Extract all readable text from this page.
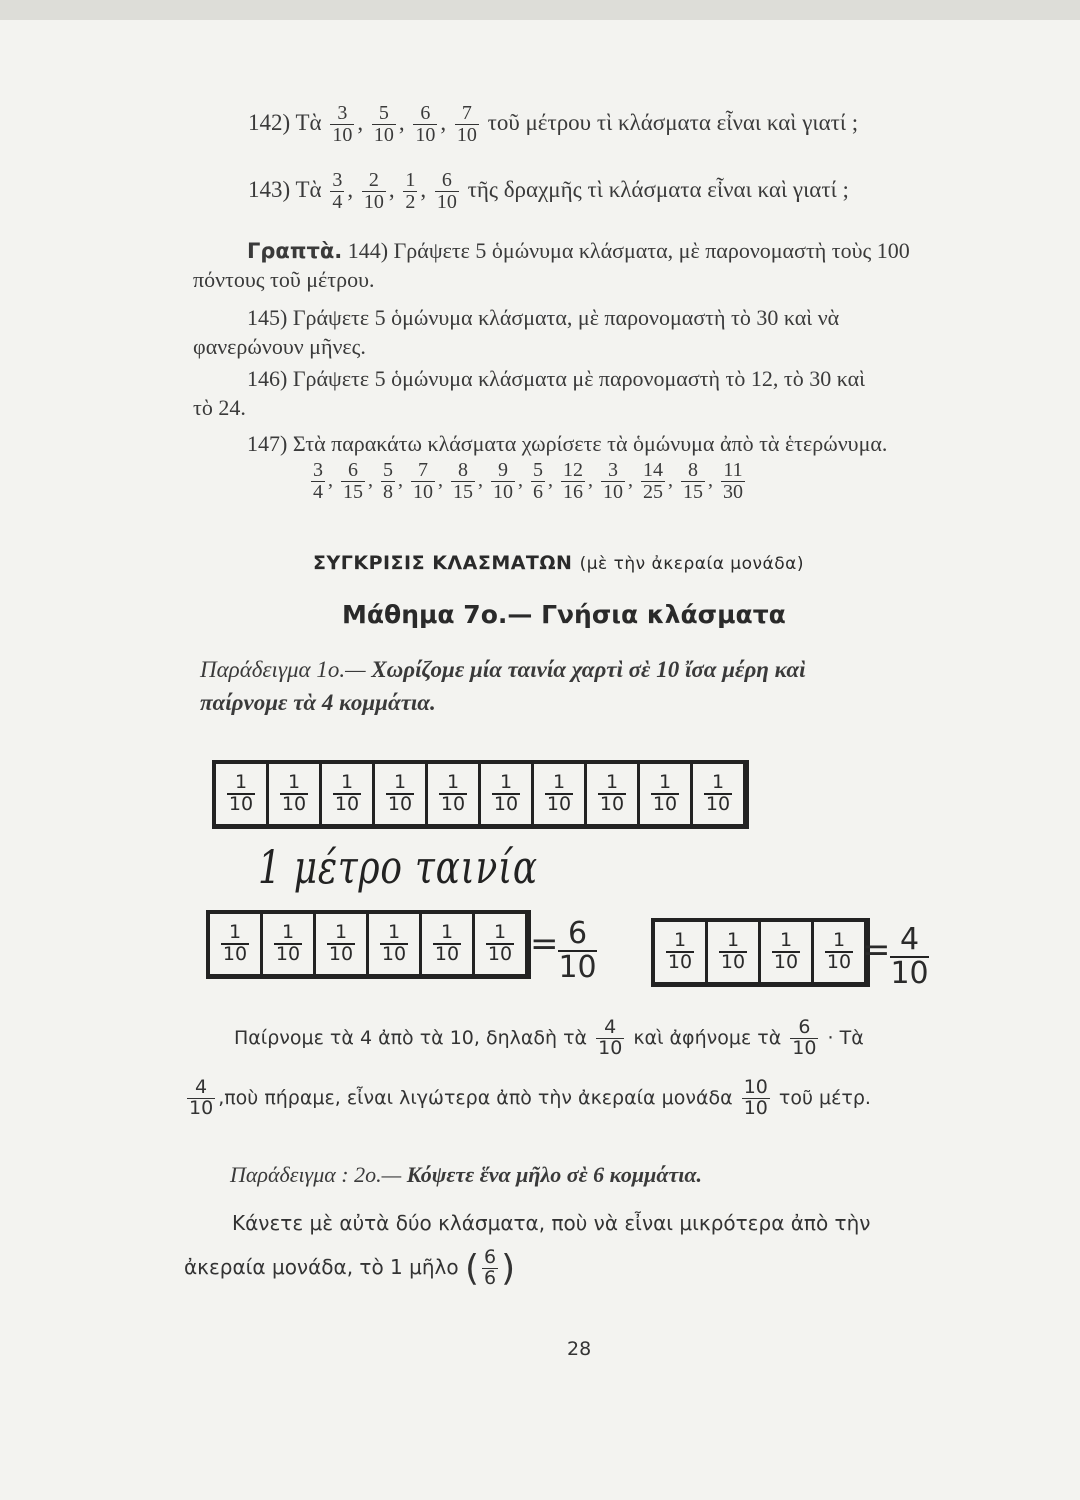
142) Τὰ $\frac{3}{10}$ , $\frac{5}{10}$ , $\frac{6}{10}$ , $\frac{7}{10}$ τοῦ μέτρου τὶ κλάσματα εἶναι καὶ γιατί ;
143) Τὰ $\frac{3}{4}$ , $\frac{2}{10}$ , $\frac{1}{2}$ , $\frac{6}{10}$ τῆς δραχμῆς τὶ κλάσματα εἶναι καὶ γιατί ;
Γραπτὰ. 144) Γράψετε 5 ὁμώνυμα κλάσματα, μὲ παρονομαστὴ τοὺς 100
πόντους τοῦ μέτρου.
145) Γράψετε 5 ὁμώνυμα κλάσματα, μὲ παρονομαστὴ τὸ 30 καὶ νὰ
φανερώνουν μῆνες.
146) Γράψετε 5 ὁμώνυμα κλάσματα μὲ παρονομαστὴ τὸ 12, τὸ 30 καὶ
τὸ 24.
147) Στὰ παρακάτω κλάσματα χωρίσετε τὰ ὁμώνυμα ἀπὸ τὰ ἑτερώνυμα.
$\frac{3}{4}$ , $\frac{6}{15}$ , $\frac{5}{8}$ , $\frac{7}{10}$ , $\frac{8}{15}$ , $\frac{9}{10}$ , $\frac{5}{6}$ , $\frac{12}{16}$ , $\frac{3}{10}$ , $\frac{14}{25}$ , $\frac{8}{15}$ , $\frac{11}{30}$
ΣΥΓΚΡΙΣΙΣ ΚΛΑΣΜΑΤΩΝ (μὲ τὴν ἀκεραία μονάδα)
Μάθημα 7ο.— Γνήσια κλάσματα
Παράδειγμα 1ο.— Χωρίζομε μία ταινία χαρτὶ σὲ 10 ἴσα μέρη καὶ
παίρνομε τὰ 4 κομμάτια.
$\frac{1}{10} \frac{1}{10} \frac{1}{10} \frac{1}{10} \frac{1}{10} \frac{1}{10} \frac{1}{10} \frac{1}{10} \frac{1}{10} \frac{1}{10}$
1 μέτρο ταινία
$\frac{1}{10} \frac{1}{10} \frac{1}{10} \frac{1}{10} \frac{1}{10} \frac{1}{10} = \frac{6}{10}$	$\frac{1}{10} \frac{1}{10} \frac{1}{10} \frac{1}{10}$
= $\frac{4}{10}$
Παίρνομε τὰ 4 ἀπὸ τὰ 10, δηλαδὴ τὰ $\frac{4}{10}$ καὶ ἀφήνομε τὰ $\frac{6}{10}$ · Τὰ
$\frac{4}{10}$ ,ποὺ πήραμε, εἶναι λιγώτερα ἀπὸ τὴν ἀκεραία μονάδα $\frac{10}{10}$ τοῦ μέτρ.
Παράδειγμα : 2ο.— Κόψετε ἕνα μῆλο σὲ 6 κομμάτια.
Κάνετε μὲ αὐτὰ δύο κλάσματα, ποὺ νὰ εἶναι μικρότερα ἀπὸ τὴν
ἀκεραία μονάδα, τὸ 1 μῆλο ( $\frac{6}{6}$ )
28
